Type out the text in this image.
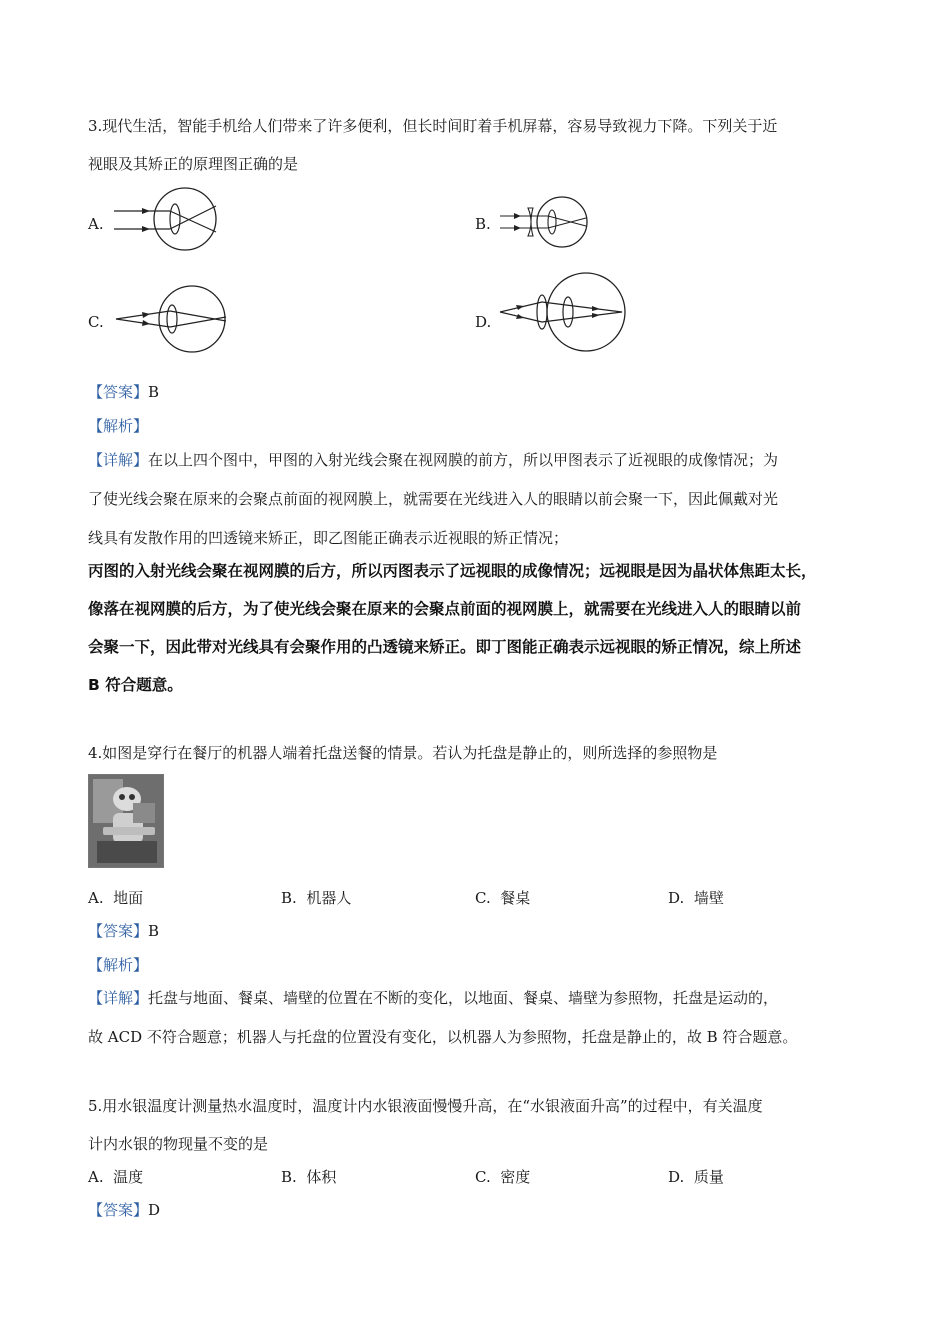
3.现代生活，智能手机给人们带来了许多便利，但长时间盯着手机屏幕，容易导致视力下降。下列关于近
视眼及其矫正的原理图正确的是
A.	B.
C.	D.
【答案】B
【解析】
【详解】在以上四个图中，甲图的入射光线会聚在视网膜的前方，所以甲图表示了近视眼的成像情况；为
了使光线会聚在原来的会聚点前面的视网膜上，就需要在光线进入人的眼睛以前会聚一下，因此佩戴对光
线具有发散作用的凹透镜来矫正，即乙图能正确表示近视眼的矫正情况；
丙图的入射光线会聚在视网膜的后方，所以丙图表示了远视眼的成像情况；远视眼是因为晶状体焦距太长，
像落在视网膜的后方，为了使光线会聚在原来的会聚点前面的视网膜上，就需要在光线进入人的眼睛以前
会聚一下，因此带对光线具有会聚作用的凸透镜来矫正。即丁图能正确表示远视眼的矫正情况，综上所述
B 符合题意。
4.如图是穿行在餐厅的机器人端着托盘送餐的情景。若认为托盘是静止的，则所选择的参照物是
A. 地面	B. 机器人	C. 餐桌	D. 墙壁
【答案】B
【解析】
【详解】托盘与地面、餐桌、墙壁的位置在不断的变化，以地面、餐桌、墙壁为参照物，托盘是运动的，
故 ACD 不符合题意；机器人与托盘的位置没有变化，以机器人为参照物，托盘是静止的，故 B 符合题意。
5.用水银温度计测量热水温度时，温度计内水银液面慢慢升高，在“水银液面升高”的过程中，有关温度
计内水银的物现量不变的是
A. 温度	B. 体积	C. 密度	D. 质量
【答案】D
